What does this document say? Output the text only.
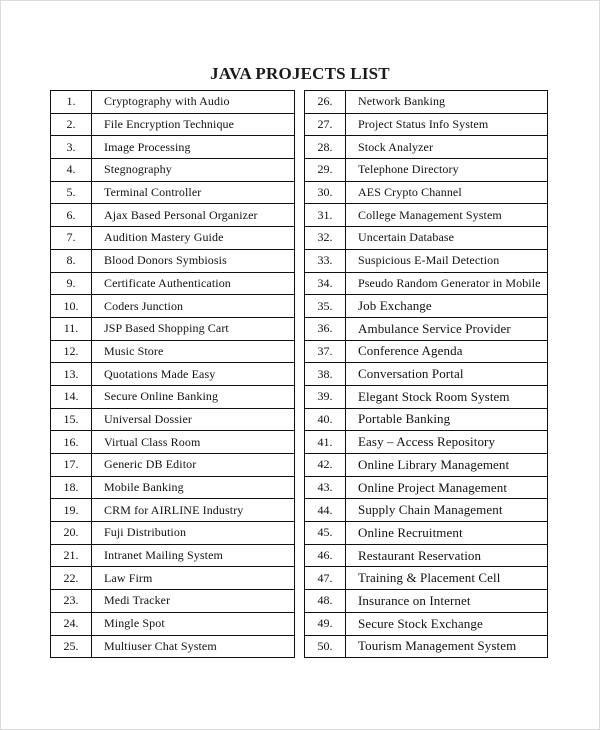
JAVA PROJECTS LIST
1.	Cryptography with Audio
2.	File Encryption Technique
3.	Image Processing
4.	Stegnography
5.	Terminal Controller
6.	Ajax Based Personal Organizer
7.	Audition Mastery Guide
8.	Blood Donors Symbiosis
9.	Certificate Authentication
10.	Coders Junction
11.	JSP Based Shopping Cart
12.	Music Store
13.	Quotations Made Easy
14.	Secure Online Banking
15.	Universal Dossier
16.	Virtual Class Room
17.	Generic DB Editor
18.	Mobile Banking
19.	CRM for AIRLINE Industry
20.	Fuji Distribution
21.	Intranet Mailing System
22.	Law Firm
23.	Medi Tracker
24.	Mingle Spot
25.	Multiuser Chat System
26.	Network Banking
27.	Project Status Info System
28.	Stock Analyzer
29.	Telephone Directory
30.	AES Crypto Channel
31.	College Management System
32.	Uncertain Database
33.	Suspicious E-Mail Detection
34.	Pseudo Random Generator in Mobile
35.	Job Exchange
36.	Ambulance Service Provider
37.	Conference Agenda
38.	Conversation Portal
39.	Elegant Stock Room System
40.	Portable Banking
41.	Easy – Access Repository
42.	Online Library Management
43.	Online Project Management
44.	Supply Chain Management
45.	Online Recruitment
46.	Restaurant Reservation
47.	Training & Placement Cell
48.	Insurance on Internet
49.	Secure Stock Exchange
50.	Tourism Management System
